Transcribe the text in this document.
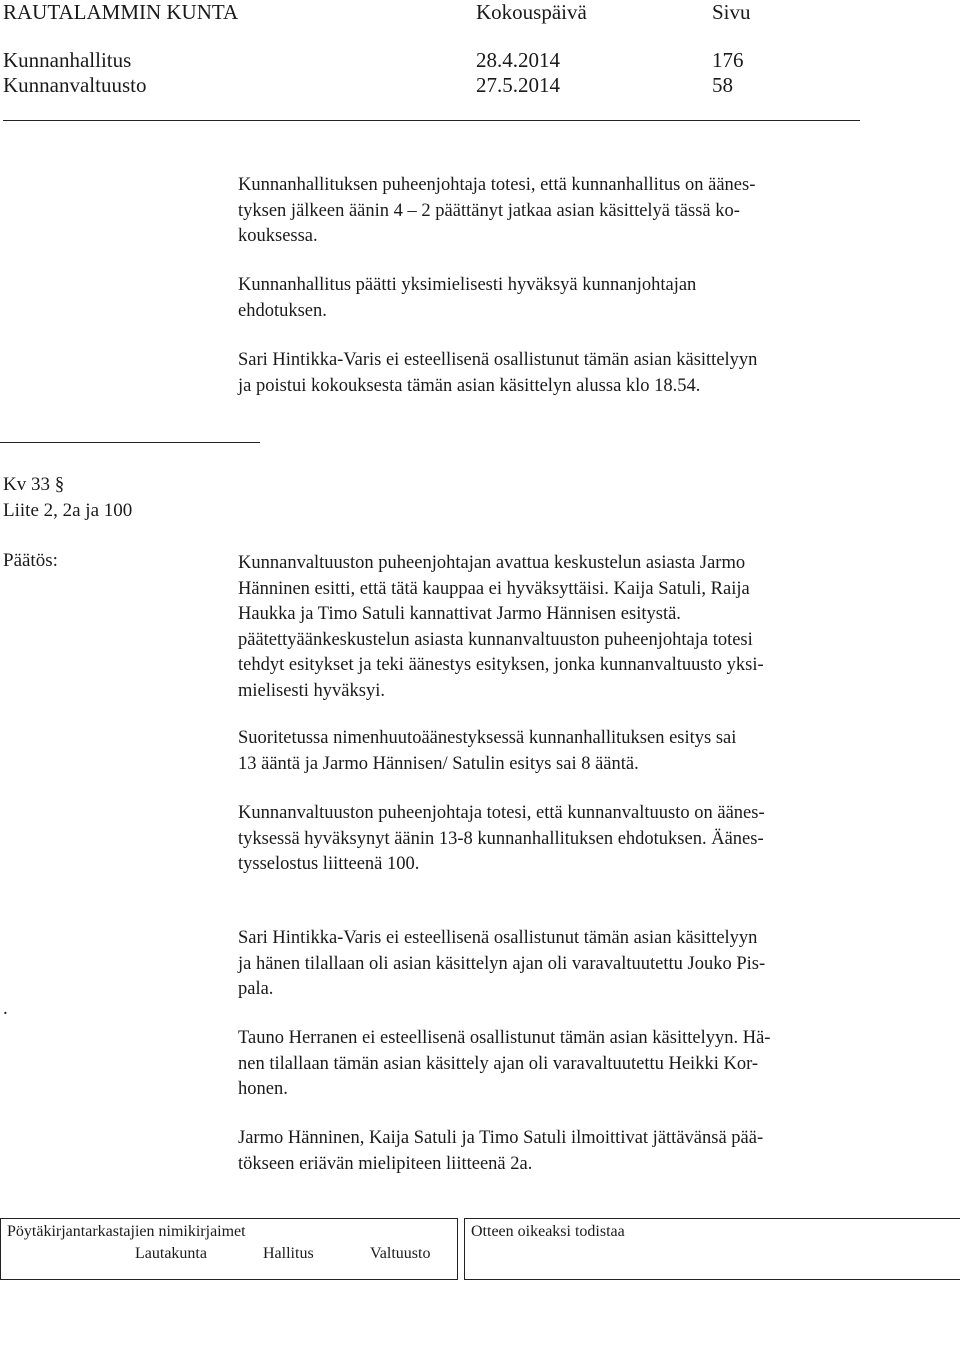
RAUTALAMMIN KUNTA	Kokouspäivä	Sivu
Kunnanhallitus	28.4.2014	176
Kunnanvaltuusto	27.5.2014	58
Kunnanhallituksen puheenjohtaja totesi, että kunnanhallitus on äänes-
tyksen jälkeen äänin 4 – 2 päättänyt jatkaa asian käsittelyä tässä ko-
kouksessa.
Kunnanhallitus päätti yksimielisesti hyväksyä kunnanjohtajan
ehdotuksen.
Sari Hintikka-Varis ei esteellisenä osallistunut tämän asian käsittelyyn
ja poistui kokouksesta tämän asian käsittelyn alussa klo 18.54.
Kv 33 §
Liite 2, 2a ja 100
Päätös:	Kunnanvaltuuston puheenjohtajan avattua keskustelun asiasta Jarmo
Hänninen esitti, että tätä kauppaa ei hyväksyttäisi. Kaija Satuli, Raija
Haukka ja Timo Satuli kannattivat Jarmo Hännisen esitystä.
päätettyäänkeskustelun asiasta kunnanvaltuuston puheenjohtaja totesi
tehdyt esitykset ja teki äänestys esityksen, jonka kunnanvaltuusto yksi-
mielisesti hyväksyi.
Suoritetussa nimenhuutoäänestyksessä kunnanhallituksen esitys sai
13 ääntä ja Jarmo Hännisen/ Satulin esitys sai 8 ääntä.
Kunnanvaltuuston puheenjohtaja totesi, että kunnanvaltuusto on äänes-
tyksessä hyväksynyt äänin 13-8 kunnanhallituksen ehdotuksen. Äänes-
tysselostus liitteenä 100.
Sari Hintikka-Varis ei esteellisenä osallistunut tämän asian käsittelyyn
ja hänen tilallaan oli asian käsittelyn ajan oli varavaltuutettu Jouko Pis-
pala.
Tauno Herranen ei esteellisenä osallistunut tämän asian käsittelyyn. Hä-
nen tilallaan tämän asian käsittely ajan oli varavaltuutettu Heikki Kor-
honen.
Jarmo Hänninen, Kaija Satuli ja Timo Satuli ilmoittivat jättävänsä pää-
tökseen eriävän mielipiteen liitteenä 2a.
.
Pöytäkirjantarkastajien nimikirjaimet
Lautakunta	Hallitus	Valtuusto
Otteen oikeaksi todistaa
